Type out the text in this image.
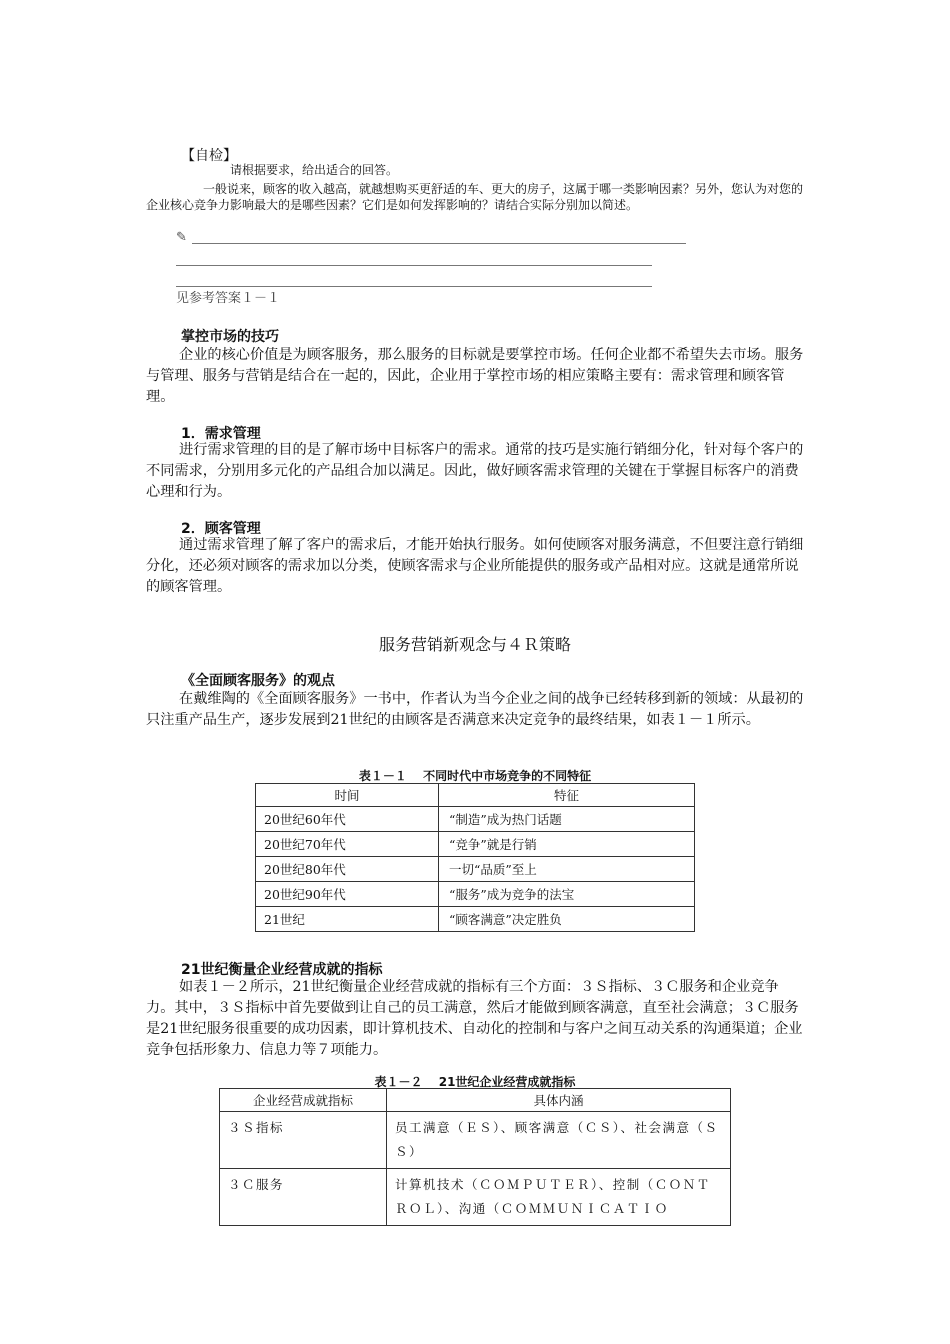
【自检】
请根据要求，给出适合的回答。
一般说来，顾客的收入越高，就越想购买更舒适的车、更大的房子，这属于哪一类影响因素？另外，您认为对您的企业核心竞争力影响最大的是哪些因素？它们是如何发挥影响的？请结合实际分别加以简述。
✎
见参考答案１－１
掌控市场的技巧
企业的核心价值是为顾客服务，那么服务的目标就是要掌控市场。任何企业都不希望失去市场。服务与管理、服务与营销是结合在一起的，因此，企业用于掌控市场的相应策略主要有：需求管理和顾客管理。
1．需求管理
进行需求管理的目的是了解市场中目标客户的需求。通常的技巧是实施行销细分化，针对每个客户的不同需求，分别用多元化的产品组合加以满足。因此，做好顾客需求管理的关键在于掌握目标客户的消费心理和行为。
2．顾客管理
通过需求管理了解了客户的需求后，才能开始执行服务。如何使顾客对服务满意，不但要注意行销细分化，还必须对顾客的需求加以分类，使顾客需求与企业所能提供的服务或产品相对应。这就是通常所说的顾客管理。
服务营销新观念与４Ｒ策略
《全面顾客服务》的观点
在戴维陶的《全面顾客服务》一书中，作者认为当今企业之间的战争已经转移到新的领域：从最初的只注重产品生产，逐步发展到21世纪的由顾客是否满意来决定竞争的最终结果，如表１－１所示。
表１－１　 不同时代中市场竞争的不同特征
时间	特征
20世纪60年代	“制造”成为热门话题
20世纪70年代	“竞争”就是行销
20世纪80年代	一切“品质”至上
20世纪90年代	“服务”成为竞争的法宝
21世纪	“顾客满意”决定胜负
21世纪衡量企业经营成就的指标
如表１－２所示，21世纪衡量企业经营成就的指标有三个方面：３Ｓ指标、３Ｃ服务和企业竞争力。其中，３Ｓ指标中首先要做到让自己的员工满意，然后才能做到顾客满意，直至社会满意；３Ｃ服务是21世纪服务很重要的成功因素，即计算机技术、自动化的控制和与客户之间互动关系的沟通渠道；企业竞争包括形象力、信息力等７项能力。
表１－２　 21世纪企业经营成就指标
企业经营成就指标	具体内涵
３Ｓ指标	员工满意（ＥＳ）、顾客满意（ＣＳ）、社会满意（ＳＳ）
３Ｃ服务	计算机技术（ＣＯＭＰＵＴＥＲ）、控制（ＣＯＮＴＲＯＬ）、沟通（ＣＯＭＭＵＮＩＣＡＴＩＯ
